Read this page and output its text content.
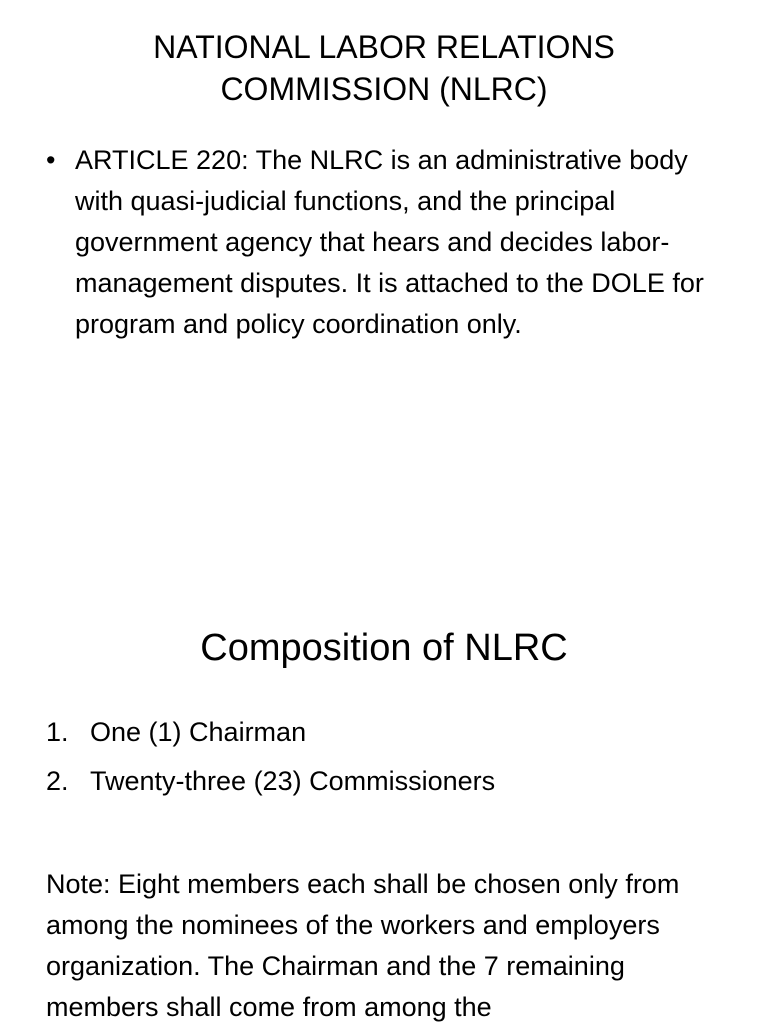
NATIONAL LABOR RELATIONS
COMMISSION (NLRC)
• ARTICLE 220: The NLRC is an administrative body with quasi-judicial functions, and the principal government agency that hears and decides labor-management disputes. It is attached to the DOLE for program and policy coordination only.
Composition of NLRC
1. One (1) Chairman
2. Twenty-three (23) Commissioners
Note: Eight members each shall be chosen only from among the nominees of the workers and employers organization. The Chairman and the 7 remaining members shall come from among the
